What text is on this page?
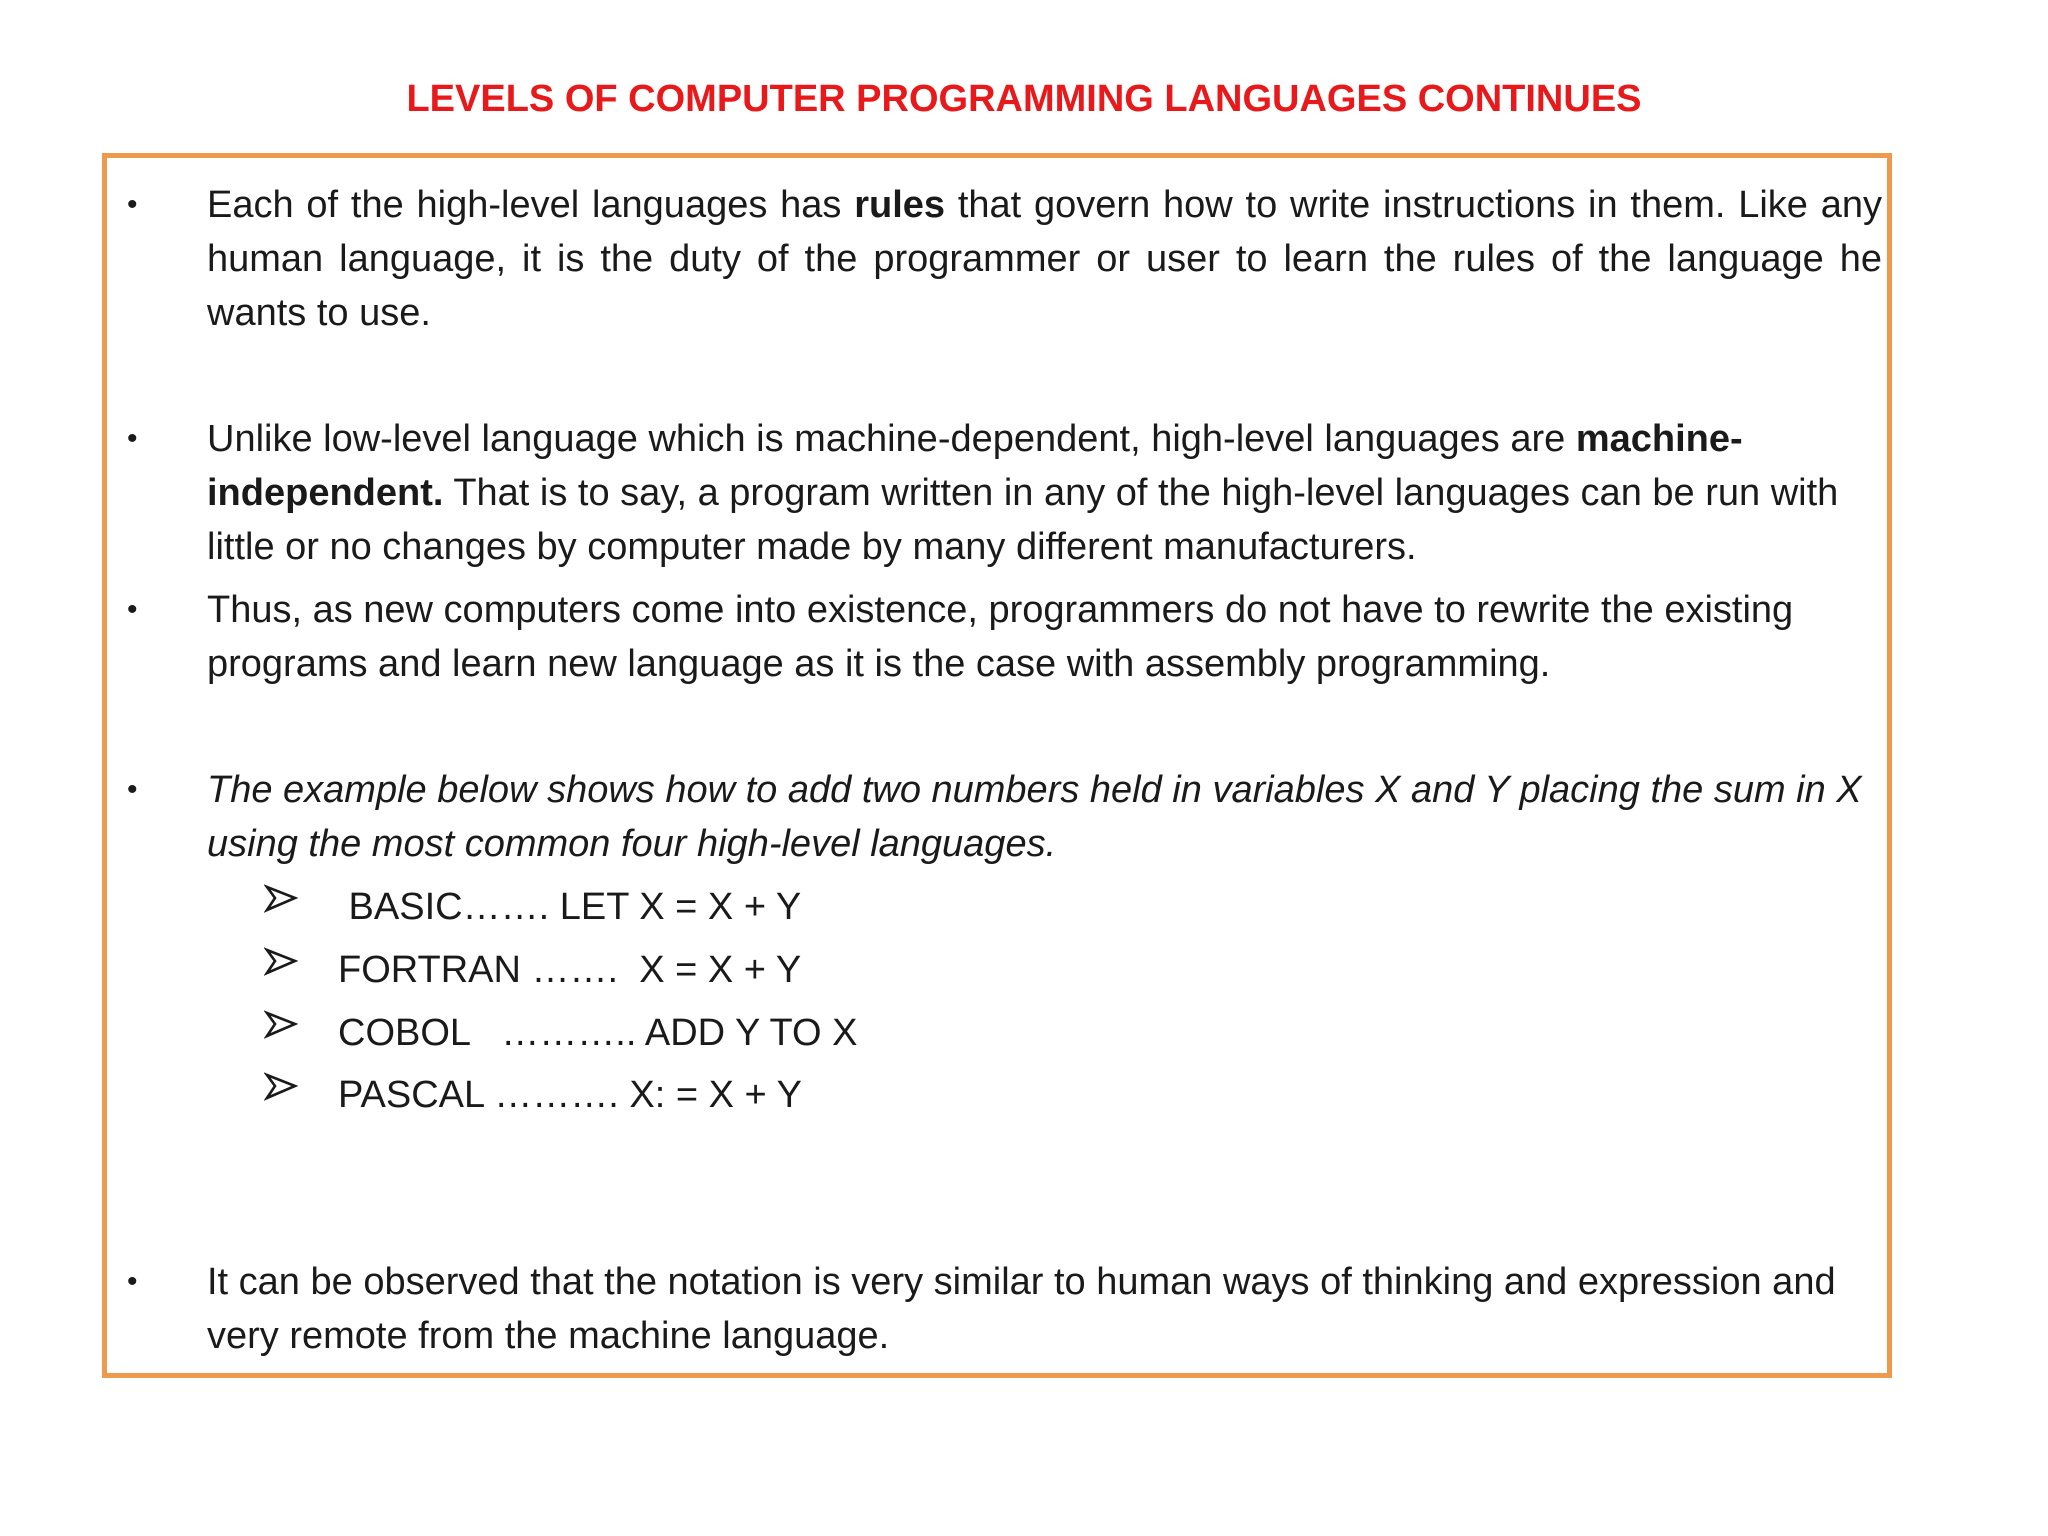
LEVELS OF COMPUTER PROGRAMMING LANGUAGES CONTINUES
• Each of the high-level languages has rules that govern how to write instructions in them. Like any human language, it is the duty of the programmer or user to learn the rules of the language he wants to use.
• Unlike low-level language which is machine-dependent, high-level languages are machine-independent. That is to say, a program written in any of the high-level languages can be run with little or no changes by computer made by many different manufacturers.
• Thus, as new computers come into existence, programmers do not have to rewrite the existing programs and learn new language as it is the case with assembly programming.
• The example below shows how to add two numbers held in variables X and Y placing the sum in X using the most common four high-level languages.
BASIC……. LET X = X + Y
FORTRAN …….  X = X + Y
COBOL   ……….. ADD Y TO X
PASCAL ………. X: = X + Y
• It can be observed that the notation is very similar to human ways of thinking and expression and very remote from the machine language.
